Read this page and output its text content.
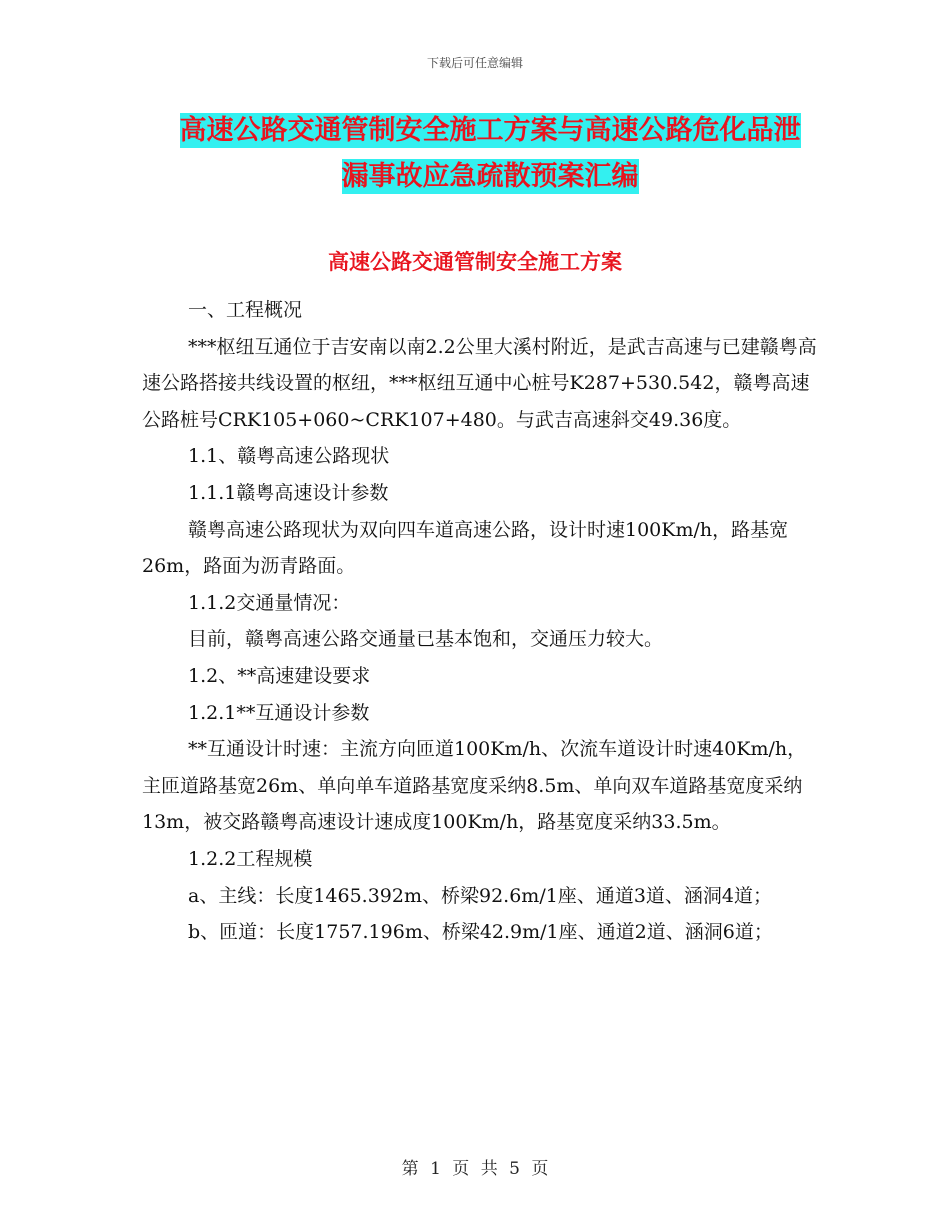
下载后可任意编辑
高速公路交通管制安全施工方案与高速公路危化品泄
漏事故应急疏散预案汇编
高速公路交通管制安全施工方案

一、工程概况

***枢纽互通位于吉安南以南2.2公里大溪村附近，是武吉高速与已建赣粤高速公路搭接共线设置的枢纽，***枢纽互通中心桩号K287+530.542，赣粤高速公路桩号CRK105+060~CRK107+480。与武吉高速斜交49.36度。

1.1、赣粤高速公路现状

1.1.1赣粤高速设计参数

赣粤高速公路现状为双向四车道高速公路，设计时速100Km/h，路基宽26m，路面为沥青路面。

1.1.2交通量情况：

目前，赣粤高速公路交通量已基本饱和，交通压力较大。

1.2、**高速建设要求

1.2.1**互通设计参数

**互通设计时速：主流方向匝道100Km/h、次流车道设计时速40Km/h，主匝道路基宽26m、单向单车道路基宽度采纳8.5m、单向双车道路基宽度采纳13m，被交路赣粤高速设计速成度100Km/h，路基宽度采纳33.5m。

1.2.2工程规模

a、主线：长度1465.392m、桥梁92.6m/1座、通道3道、涵洞4道；

b、匝道：长度1757.196m、桥梁42.9m/1座、通道2道、涵洞6道；

第 1 页 共 5 页
